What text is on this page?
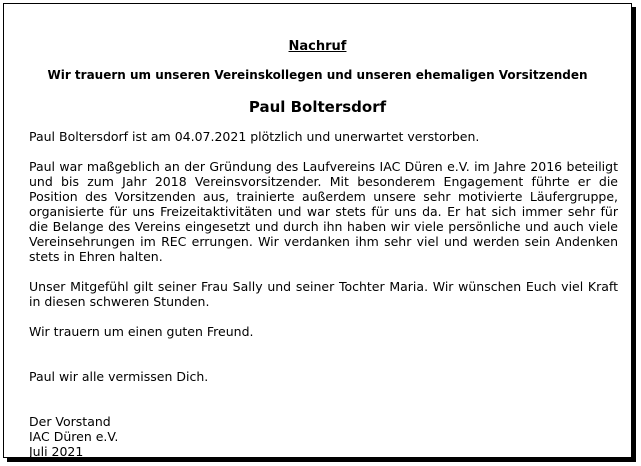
Nachruf
Wir trauern um unseren Vereinskollegen und unseren ehemaligen Vorsitzenden
Paul Boltersdorf

Paul Boltersdorf ist am 04.07.2021 plötzlich und unerwartet verstorben.

Paul war maßgeblich an der Gründung des Laufvereins IAC Düren e.V. im Jahre 2016 beteiligt und bis zum Jahr 2018 Vereinsvorsitzender. Mit besonderem Engagement führte er die Position des Vorsitzenden aus, trainierte außerdem unsere sehr motivierte Läufergruppe, organisierte für uns Freizeitaktivitäten und war stets für uns da. Er hat sich immer sehr für die Belange des Vereins eingesetzt und durch ihn haben wir viele persönliche und auch viele Vereinsehrungen im REC errungen. Wir verdanken ihm sehr viel und werden sein Andenken stets in Ehren halten.

Unser Mitgefühl gilt seiner Frau Sally und seiner Tochter Maria. Wir wünschen Euch viel Kraft in diesen schweren Stunden.

Wir trauern um einen guten Freund.

Paul wir alle vermissen Dich.

Der Vorstand
IAC Düren e.V.
Juli 2021
